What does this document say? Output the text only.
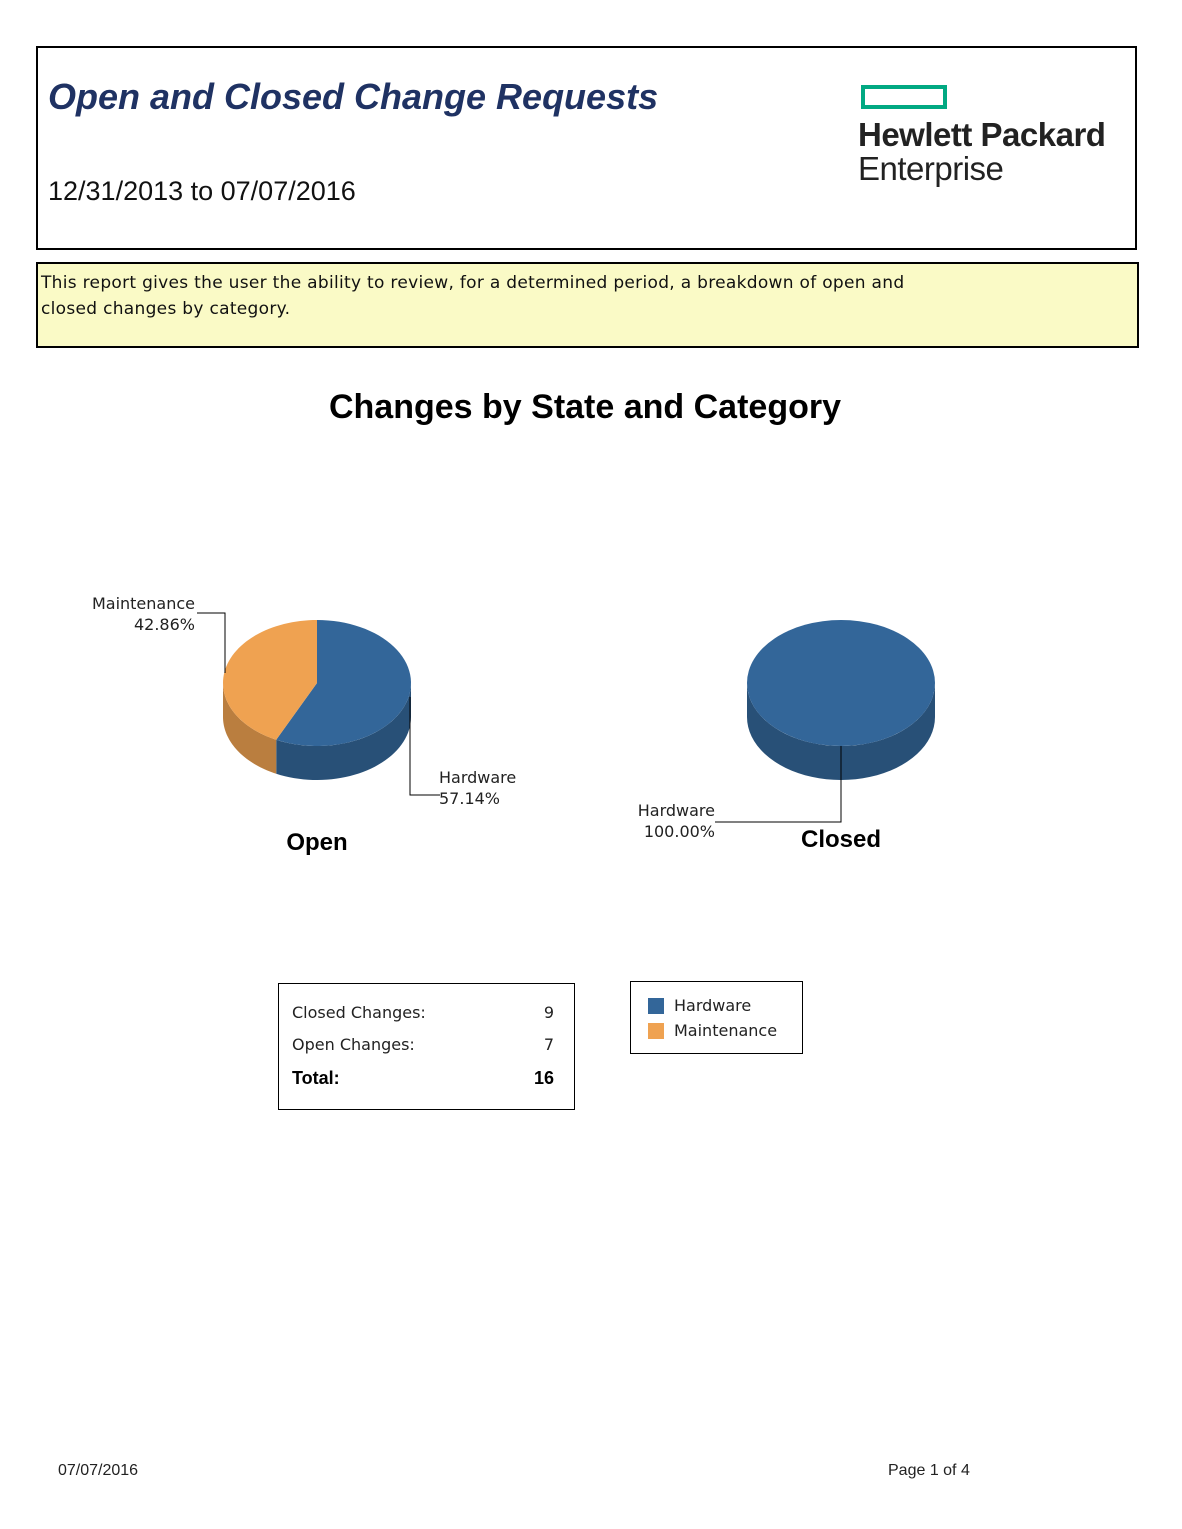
Open and Closed Change Requests
12/31/2013 to 07/07/2016
Hewlett Packard
Enterprise
This report gives the user the ability to review, for a determined period, a breakdown of open and closed changes by category.
Changes by State and Category
Hardware
57.14%
Maintenance
42.86%
Open
Hardware
100.00%	Closed
Closed Changes:	9
Open Changes:	7
Total:	16
Hardware
Maintenance
07/07/2016	Page 1 of 4
